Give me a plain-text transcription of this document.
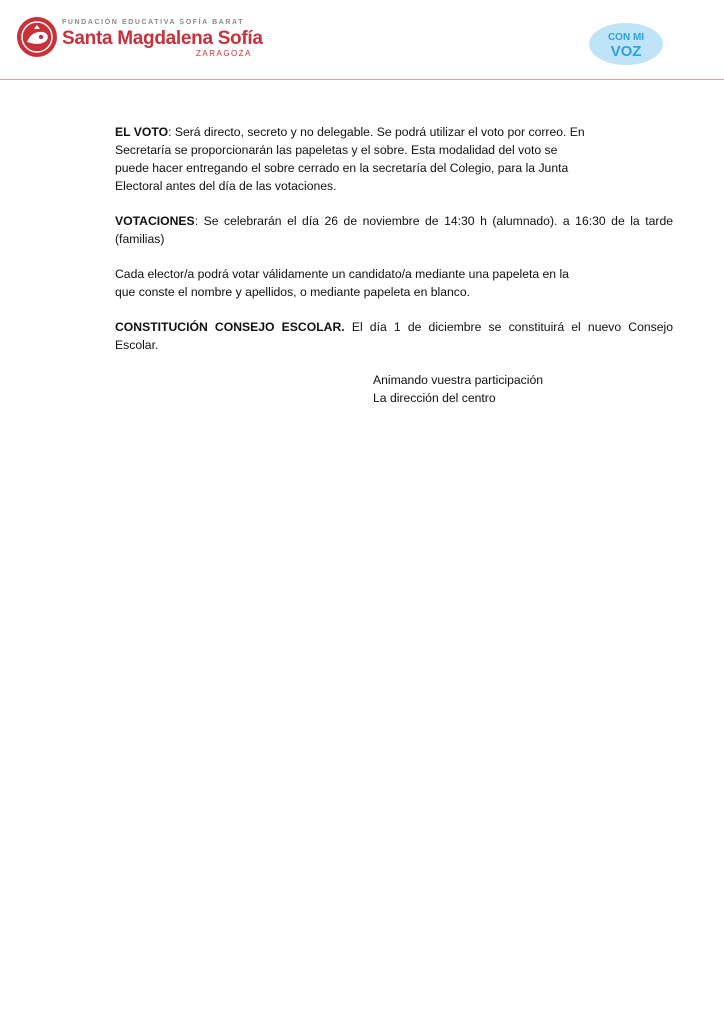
FUNDACIÓN EDUCATIVA SOFÍA BARAT
Santa Magdalena Sofía
ZARAGOZA
CON MI
VOZ

EL VOTO: Será directo, secreto y no delegable. Se podrá utilizar el voto por correo. En
Secretaría se proporcionarán las papeletas y el sobre. Esta modalidad del voto se
puede hacer entregando el sobre cerrado en la secretaría del Colegio, para la Junta
Electoral antes del día de las votaciones.

VOTACIONES: Se celebrarán el día 26 de noviembre de 14:30 h (alumnado). a 16:30 de la tarde (familias)

Cada elector/a podrá votar válidamente un candidato/a mediante una papeleta en la
que conste el nombre y apellidos, o mediante papeleta en blanco.

CONSTITUCIÓN CONSEJO ESCOLAR. El día 1 de diciembre se constituirá el nuevo Consejo Escolar.

Animando vuestra participación
La dirección del centro
